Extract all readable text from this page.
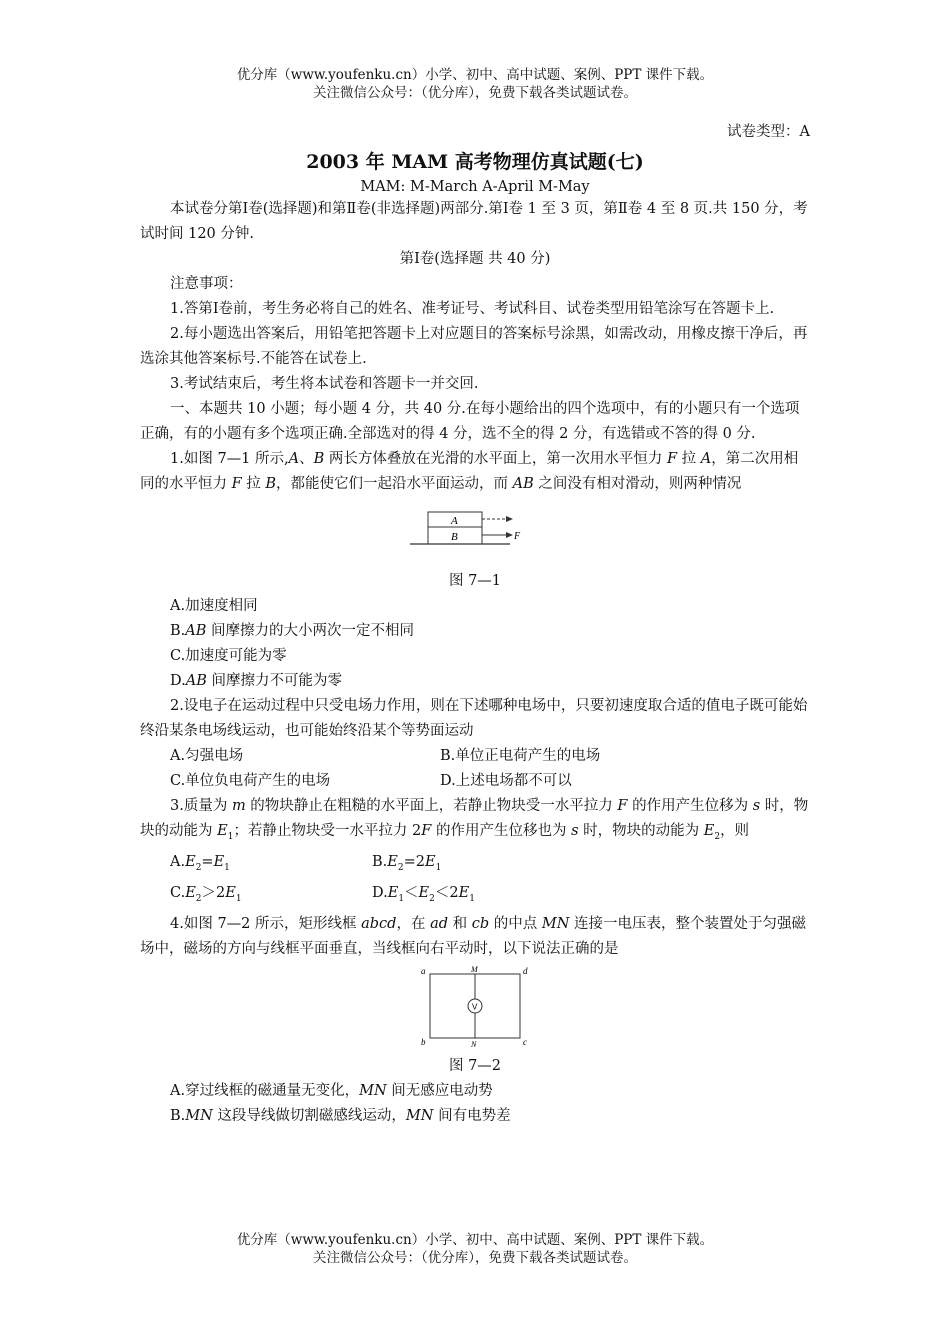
优分库（www.youfenku.cn）小学、初中、高中试题、案例、PPT 课件下载。
关注微信公众号：（优分库），免费下载各类试题试卷。

试卷类型：A

2003 年 MAM 高考物理仿真试题(七)

MAM: M-March A-April M-May

本试卷分第Ⅰ卷(选择题)和第Ⅱ卷(非选择题)两部分.第Ⅰ卷 1 至 3 页，第Ⅱ卷 4 至 8 页.共 150 分，考试时间 120 分钟.

第Ⅰ卷(选择题 共 40 分)

注意事项：

1.答第Ⅰ卷前，考生务必将自己的姓名、准考证号、考试科目、试卷类型用铅笔涂写在答题卡上.

2.每小题选出答案后，用铅笔把答题卡上对应题目的答案标号涂黑，如需改动，用橡皮擦干净后，再选涂其他答案标号.不能答在试卷上.

3.考试结束后，考生将本试卷和答题卡一并交回.

一、本题共 10 小题；每小题 4 分，共 40 分.在每小题给出的四个选项中，有的小题只有一个选项正确，有的小题有多个选项正确.全部选对的得 4 分，选不全的得 2 分，有选错或不答的得 0 分.

1.如图 7—1 所示,A、B 两长方体叠放在光滑的水平面上，第一次用水平恒力 F 拉 A，第二次用相同的水平恒力 F 拉 B，都能使它们一起沿水平面运动，而 AB 之间没有相对滑动，则两种情况

A
B	F

图 7—1

A.加速度相同

B.AB 间摩擦力的大小两次一定不相同

C.加速度可能为零

D.AB 间摩擦力不可能为零

2.设电子在运动过程中只受电场力作用，则在下述哪种电场中，只要初速度取合适的值电子既可能始终沿某条电场线运动，也可能始终沿某个等势面运动

A.匀强电场	B.单位正电荷产生的电场
C.单位负电荷产生的电场	D.上述电场都不可以

3.质量为 m 的物块静止在粗糙的水平面上，若静止物块受一水平拉力 F 的作用产生位移为 s 时，物块的动能为 $E_1$；若静止物块受一水平拉力 2F 的作用产生位移也为 s 时，物块的动能为 $E_2$，则

$A.E_2=E_1$	$B.E_2=2E_1$
$C.E_2>2E_1$	$D.E_1<E_2<2E_1$

4.如图 7—2 所示，矩形线框 abcd，在 ad 和 cb 的中点 MN 连接一电压表，整个装置处于匀强磁场中，磁场的方向与线框平面垂直，当线框向右平动时，以下说法正确的是

V
a	d
b	c
M
N

图 7—2

A.穿过线框的磁通量无变化，MN 间无感应电动势

B.MN 这段导线做切割磁感线运动，MN 间有电势差

优分库（www.youfenku.cn）小学、初中、高中试题、案例、PPT 课件下载。
关注微信公众号：（优分库），免费下载各类试题试卷。
